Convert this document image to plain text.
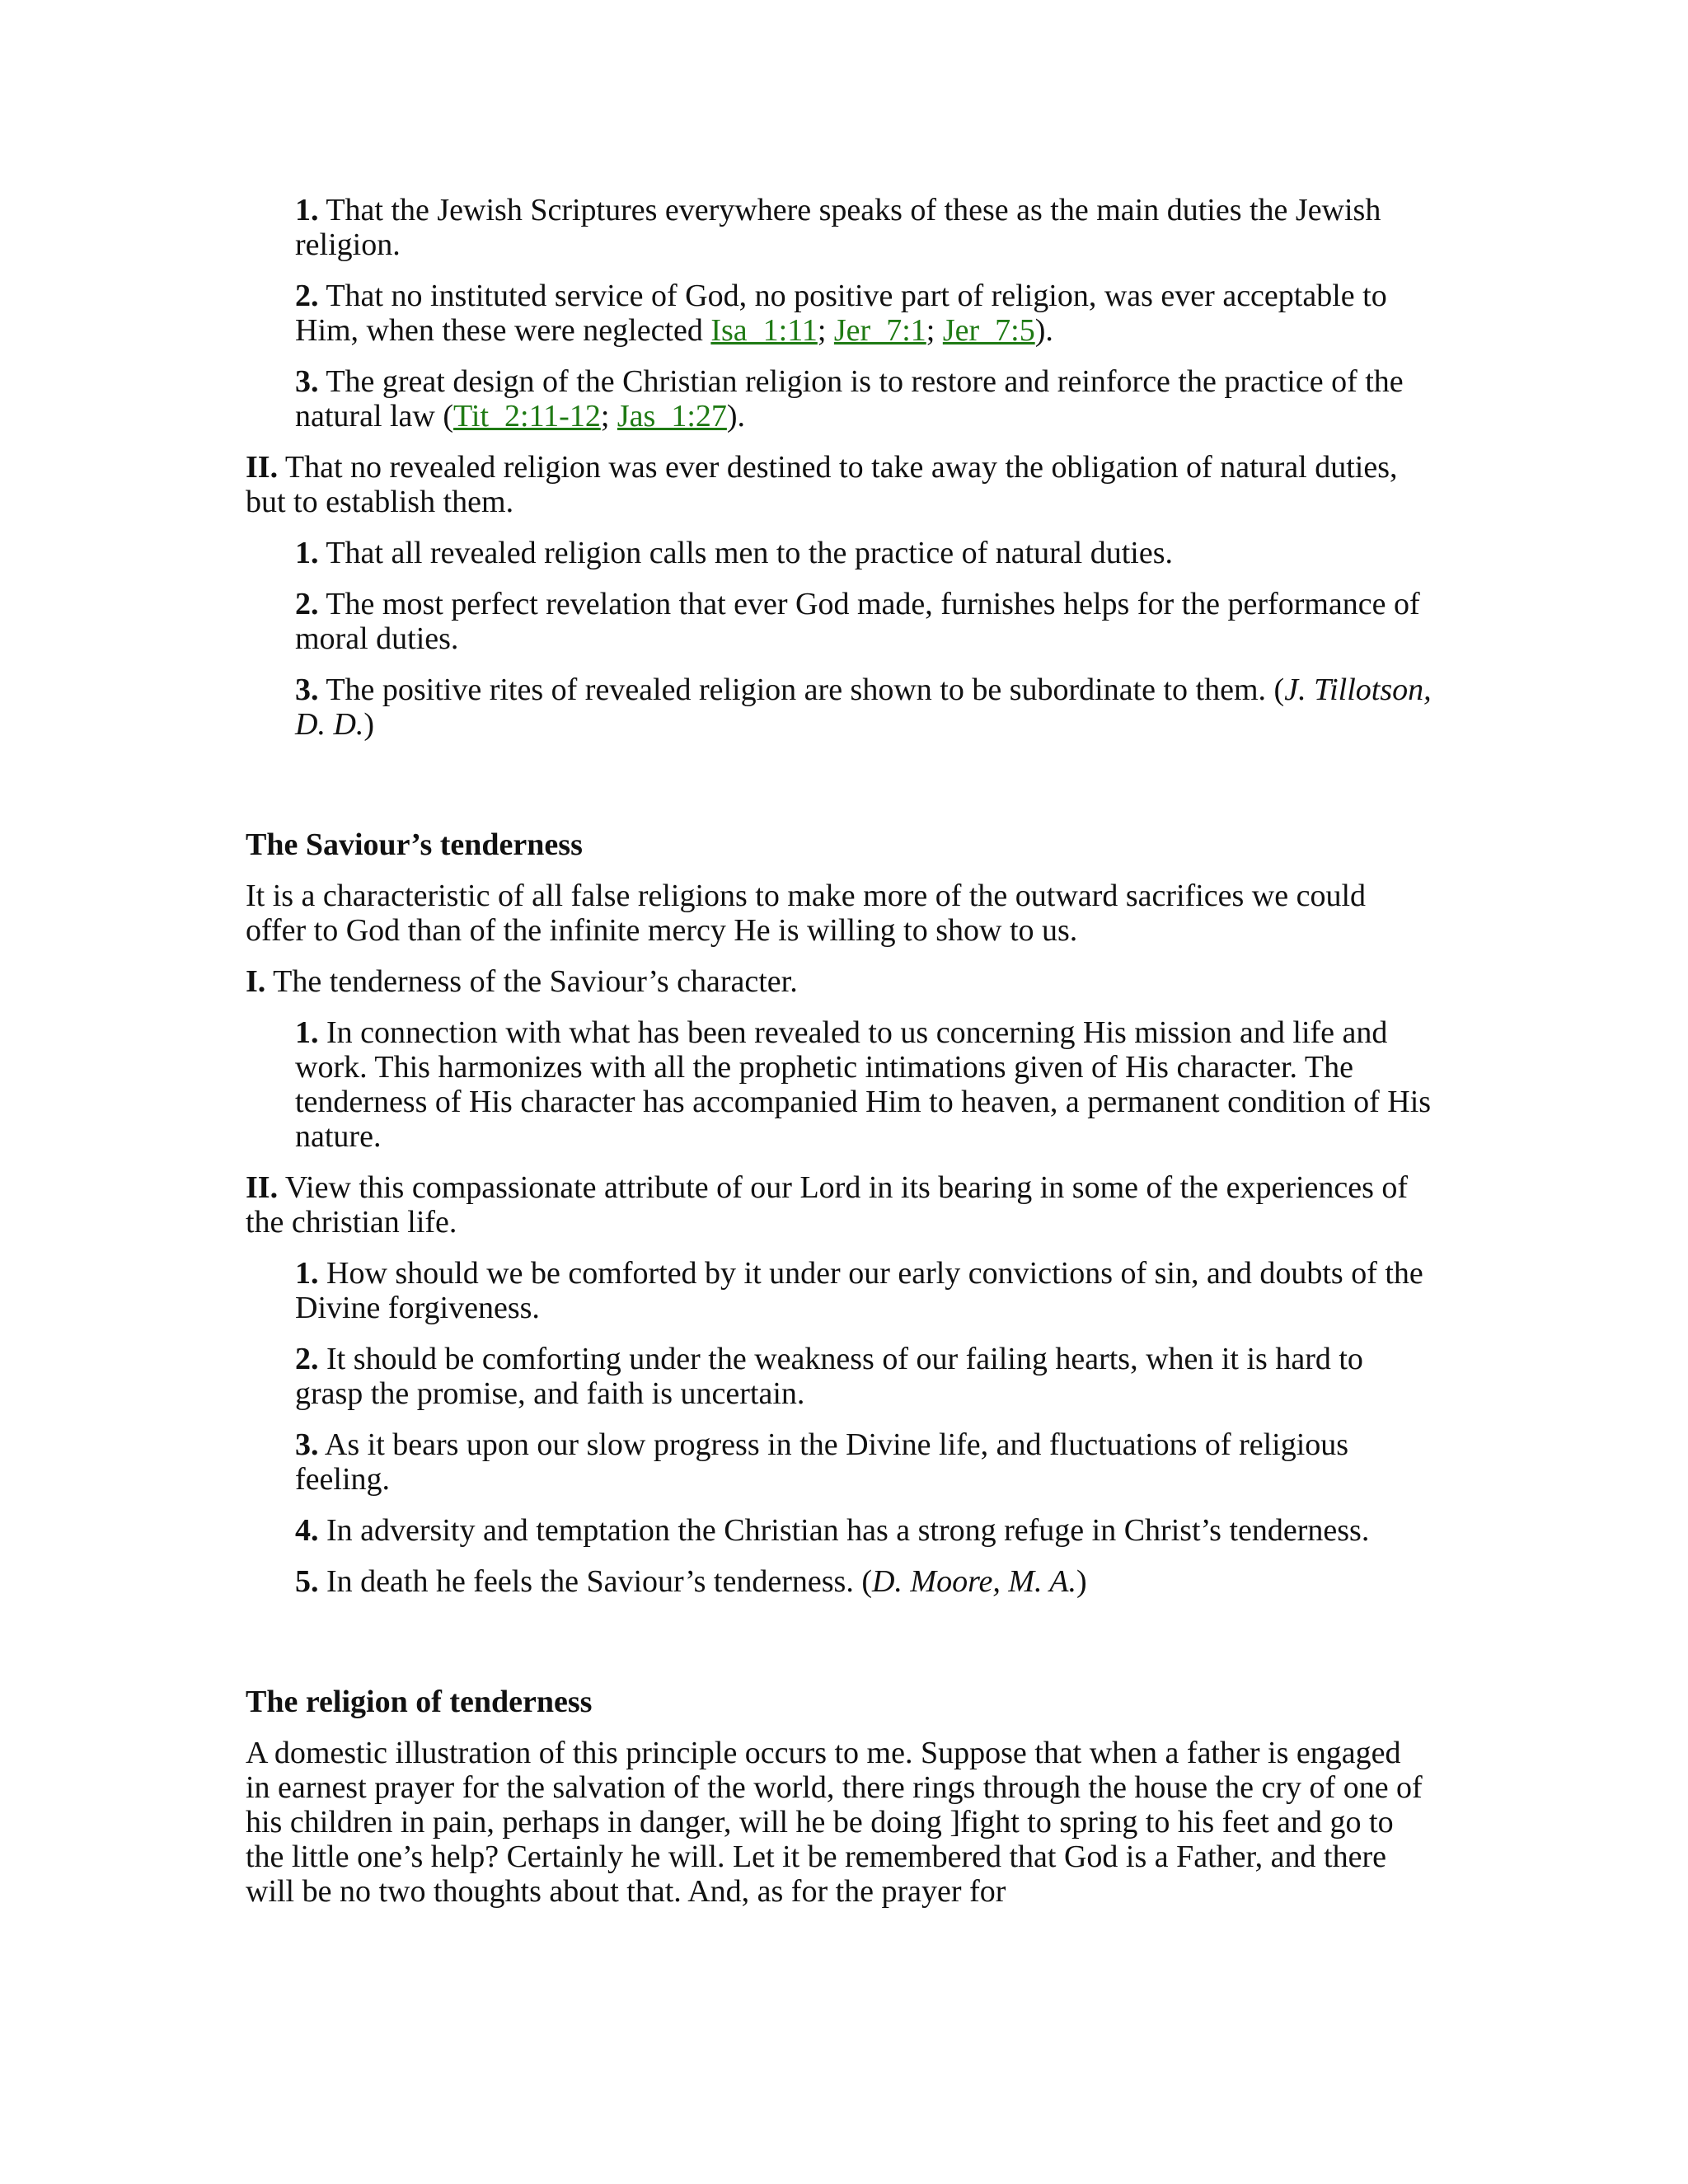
1. That the Jewish Scriptures everywhere speaks of these as the main duties the Jewish religion.

2. That no instituted service of God, no positive part of religion, was ever acceptable to Him, when these were neglected Isa_1:11; Jer_7:1; Jer_7:5).

3. The great design of the Christian religion is to restore and reinforce the practice of the natural law (Tit_2:11-12; Jas_1:27).

II. That no revealed religion was ever destined to take away the obligation of natural duties, but to establish them.

1. That all revealed religion calls men to the practice of natural duties.

2. The most perfect revelation that ever God made, furnishes helps for the performance of moral duties.

3. The positive rites of revealed religion are shown to be subordinate to them. (J. Tillotson, D. D.)

The Saviour’s tenderness

It is a characteristic of all false religions to make more of the outward sacrifices we could offer to God than of the infinite mercy He is willing to show to us.

I. The tenderness of the Saviour’s character.

1. In connection with what has been revealed to us concerning His mission and life and work. This harmonizes with all the prophetic intimations given of His character. The tenderness of His character has accompanied Him to heaven, a permanent condition of His nature.

II. View this compassionate attribute of our Lord in its bearing in some of the experiences of the christian life.

1. How should we be comforted by it under our early convictions of sin, and doubts of the Divine forgiveness.

2. It should be comforting under the weakness of our failing hearts, when it is hard to grasp the promise, and faith is uncertain.

3. As it bears upon our slow progress in the Divine life, and fluctuations of religious feeling.

4. In adversity and temptation the Christian has a strong refuge in Christ’s tenderness.

5. In death he feels the Saviour’s tenderness. (D. Moore, M. A.)

The religion of tenderness

A domestic illustration of this principle occurs to me. Suppose that when a father is engaged in earnest prayer for the salvation of the world, there rings through the house the cry of one of his children in pain, perhaps in danger, will he be doing ]fight to spring to his feet and go to the little one’s help? Certainly he will. Let it be remembered that God is a Father, and there will be no two thoughts about that. And, as for the prayer for
